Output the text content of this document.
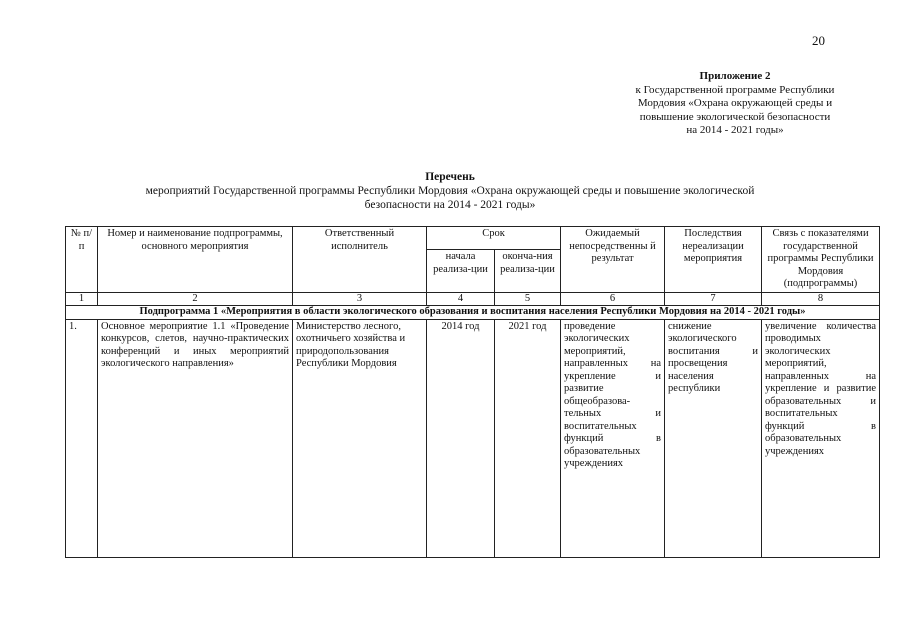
20
Приложение 2
к Государственной программе Республики
Мордовия «Охрана окружающей среды и
повышение экологической безопасности
на 2014 - 2021 годы»
Перечень
мероприятий Государственной программы Республики Мордовия «Охрана окружающей среды и повышение экологической
безопасности на 2014 - 2021 годы»
№ п/п	Номер и наименование подпрограммы, основного мероприятия	Ответственный исполнитель	Срок		Ожидаемый непосредственны й результат	Последствия нереализации мероприятия	Связь с показателями государственной программы Республики Мордовия (подпрограммы)
			начала реализа-ции	оконча-ния реализа-ции			
1	2	3	4	5	6	7	8
Подпрограмма 1 «Мероприятия в области экологического образования и воспитания населения Республики Мордовия на 2014 - 2021 годы»							
1.	Основное мероприятие 1.1 «Проведение конкурсов, слетов, научно-практических конференций и иных мероприятий экологического направления»	Министерство лесного, охотничьего хозяйства и природопользования Республики Мордовия	2014 год	2021 год	проведение экологических мероприятий, направленных на укрепление и развитие общеобразова-тельных и воспитательных функций в образовательных учреждениях	снижение экологического воспитания и просвещения населения республики	увеличение количества проводимых экологических мероприятий, направленных на укрепление и развитие образовательных и воспитательных функций в образовательных учреждениях
